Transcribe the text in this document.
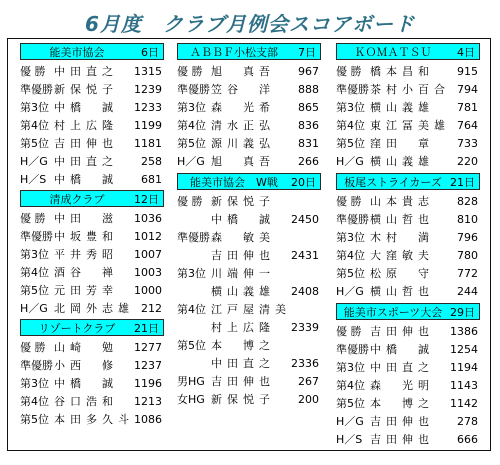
6月度　クラブ月例会スコアボード
能美市協会	6日
優 勝 中田直之 1315
準優勝 新保悦子 1239
第3位 中橋　誠 1233
第4位 村上広隆 1199
第5位 吉田伸也 1181
H／G 中田直之 258
H／S 中橋　誠 681
清成クラブ	12日
優 勝 中田　滋 1036
準優勝 中坂豊和 1012
第3位 平井秀昭 1007
第4位 酒谷　禅 1003
第5位 元田芳幸 1000
H／G 北岡外志雄 212
リゾートクラブ	21日
優 勝 山崎　勉 1277
準優勝 小西　修 1237
第3位 中橋　誠 1196
第4位 谷口浩和 1213
第5位 本田多久斗 1086
ＡＢＢＦ小松支部	7日
優 勝 旭　真吾 967
準優勝 笠谷　洋 888
第3位 森　光希 865
第4位 清水正弘 836
第5位 源川義弘 831
H／G 旭　真吾 266
能美市協会　W戦	20日
優 勝 新保悦子
中橋　誠 2450
準優勝 森　敏美
吉田伸也 2431
第3位 川端伸一
横山義雄 2408
第4位 江戸屋清美
村上広隆 2339
第5位 本　博之
中田直之 2336
男HG 吉田伸也 267
女HG 新保悦子 200
ＫＯＭＡＴＳＵ	4日
優 勝 橋本昌和 915
準優勝 茶村小百合 794
第3位 横山義雄 781
第4位 東江冨美雄 764
第5位 窪田　章 733
H／G 横山義雄 220
板尾ストライカーズ 21日
優 勝 山本貴志 828
準優勝 横山哲也 810
第3位 木村　満 796
第4位 大窪敏夫 780
第5位 松原　守 772
H／G 横山哲也 244
能美市スポーツ大会 29日
優 勝 吉田伸也 1386
準優勝 中橋　誠 1254
第3位 中田直之 1194
第4位 森　光明 1143
第5位 本　博之 1142
H／G 吉田伸也 278
H／S 吉田伸也 666
